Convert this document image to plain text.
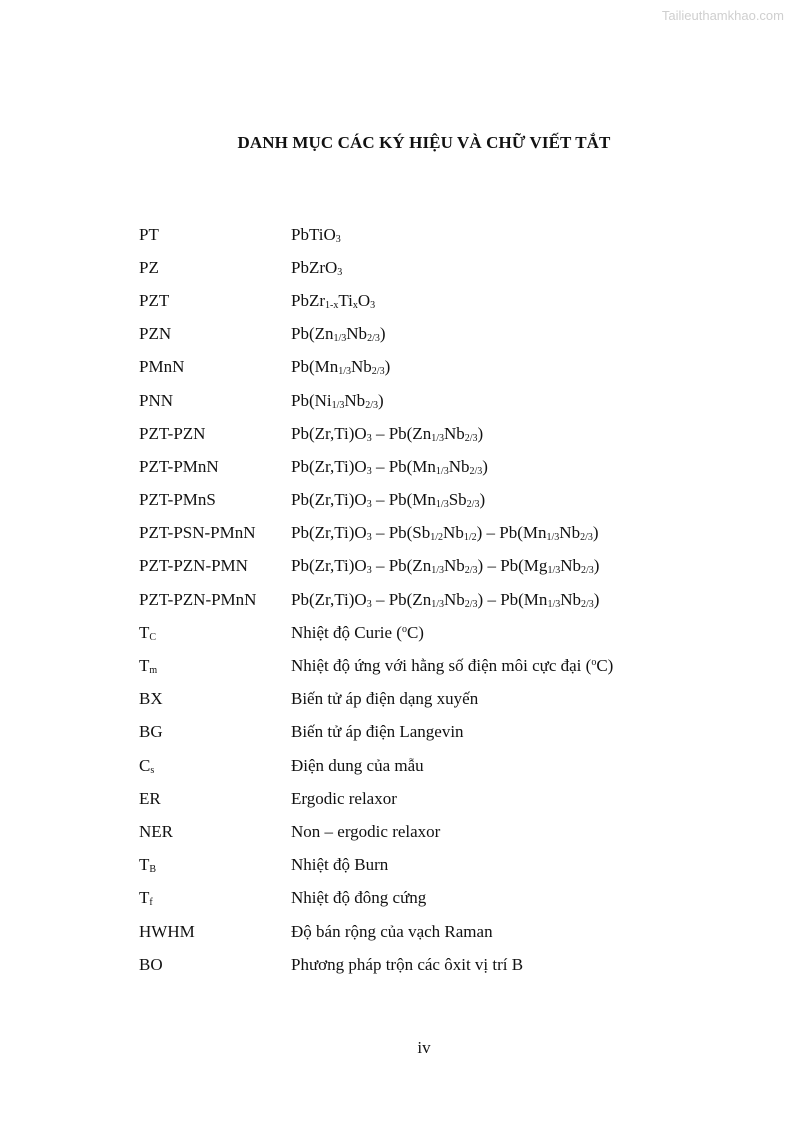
Tailieuthamkhao.com
DANH MỤC CÁC KÝ HIỆU VÀ CHỮ VIẾT TẮT
PT	PbTiO$_3$
PZ	PbZrO$_3$
PZT	$PbZr_{1-x}Ti_xO_3$
PZN	$Pb(Zn_{1/3}Nb_{2/3})$
PMnN	$Pb(Mn_{1/3}Nb_{2/3})$
PNN	$Pb(Ni_{1/3}Nb_{2/3})$
PZT-PZN	$Pb(Zr,Ti)O_3 - Pb(Zn_{1/3}Nb_{2/3})$
PZT-PMnN	$Pb(Zr,Ti)O_3 - Pb(Mn_{1/3}Nb_{2/3})$
PZT-PMnS	$Pb(Zr,Ti)O_3 - Pb(Mn_{1/3}Sb_{2/3})$
PZT-PSN-PMnN	$Pb(Zr,Ti)O_3 - Pb(Sb_{1/2}Nb_{1/2}) - Pb(Mn_{1/3}Nb_{2/3})$
PZT-PZN-PMN	$Pb(Zr,Ti)O_3 - Pb(Zn_{1/3}Nb_{2/3}) - Pb(Mg_{1/3}Nb_{2/3})$
PZT-PZN-PMnN	$Pb(Zr,Ti)O_3 - Pb(Zn_{1/3}Nb_{2/3}) - Pb(Mn_{1/3}Nb_{2/3})$
$T_C$	Nhiệt độ Curie ($^o$C)
$T_m$	Nhiệt độ ứng với hằng số điện môi cực đại ($^o$C)
BX	Biến tử áp điện dạng xuyến
BG	Biến tử áp điện Langevin
$C_s$	Điện dung của mẫu
ER	Ergodic relaxor
NER	Non – ergodic relaxor
$T_B$	Nhiệt độ Burn
$T_f$	Nhiệt độ đông cứng
HWHM	Độ bán rộng của vạch Raman
BO	Phương pháp trộn các ôxit vị trí B
iv
